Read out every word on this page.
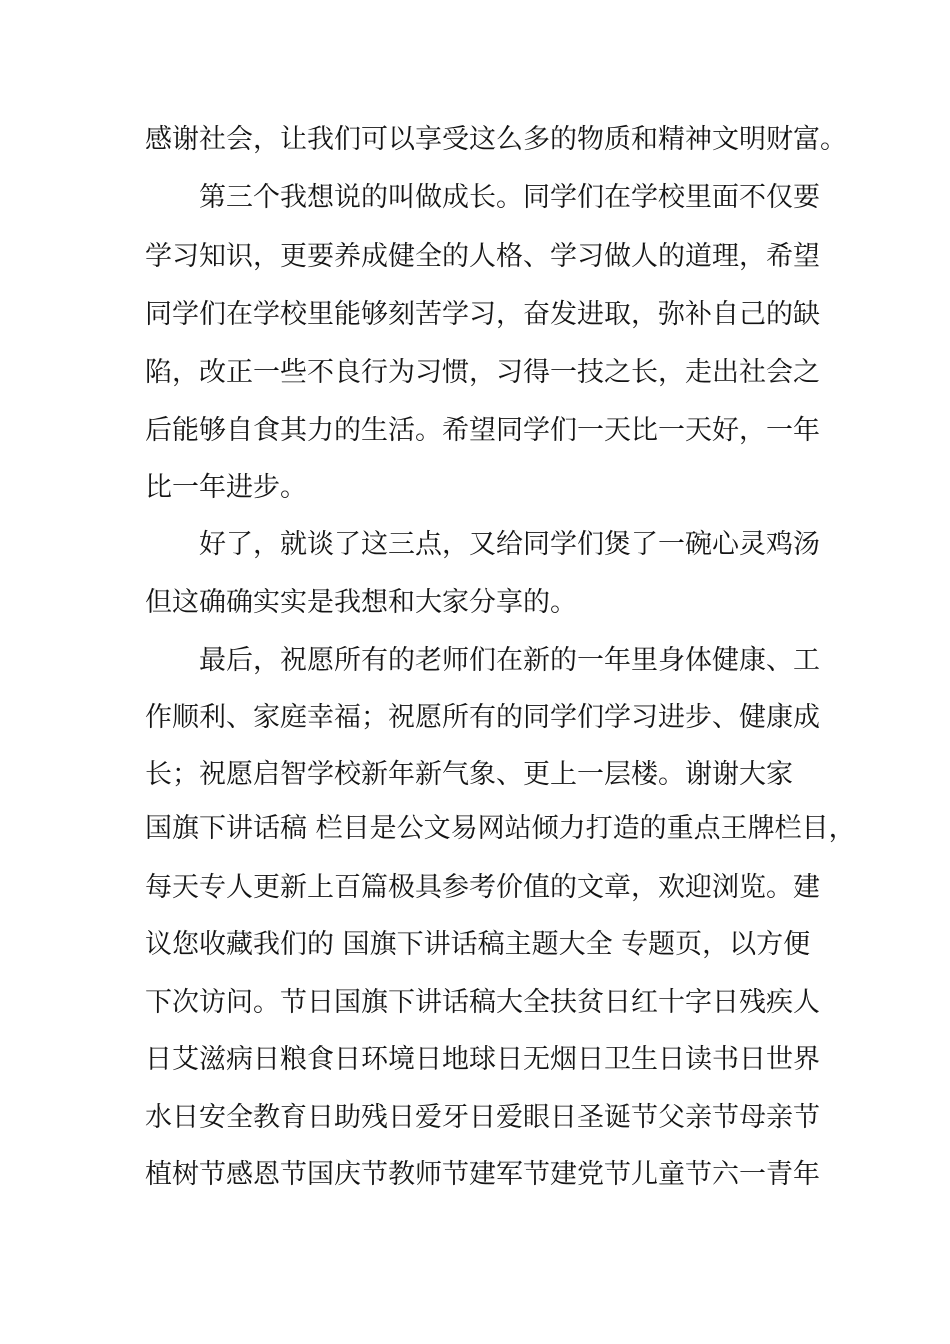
感谢社会，让我们可以享受这么多的物质和精神文明财富。

第三个我想说的叫做成长。同学们在学校里面不仅要

学习知识，更要养成健全的人格、学习做人的道理，希望

同学们在学校里能够刻苦学习，奋发进取，弥补自己的缺

陷，改正一些不良行为习惯，习得一技之长，走出社会之

后能够自食其力的生活。希望同学们一天比一天好，一年

比一年进步。

好了，就谈了这三点，又给同学们煲了一碗心灵鸡汤

但这确确实实是我想和大家分享的。

最后，祝愿所有的老师们在新的一年里身体健康、工

作顺利、家庭幸福；祝愿所有的同学们学习进步、健康成

长；祝愿启智学校新年新气象、更上一层楼。谢谢大家

国旗下讲话稿 栏目是公文易网站倾力打造的重点王牌栏目，

每天专人更新上百篇极具参考价值的文章，欢迎浏览。建

议您收藏我们的 国旗下讲话稿主题大全 专题页，以方便

下次访问。节日国旗下讲话稿大全扶贫日红十字日残疾人

日艾滋病日粮食日环境日地球日无烟日卫生日读书日世界

水日安全教育日助残日爱牙日爱眼日圣诞节父亲节母亲节

植树节感恩节国庆节教师节建军节建党节儿童节六一青年
